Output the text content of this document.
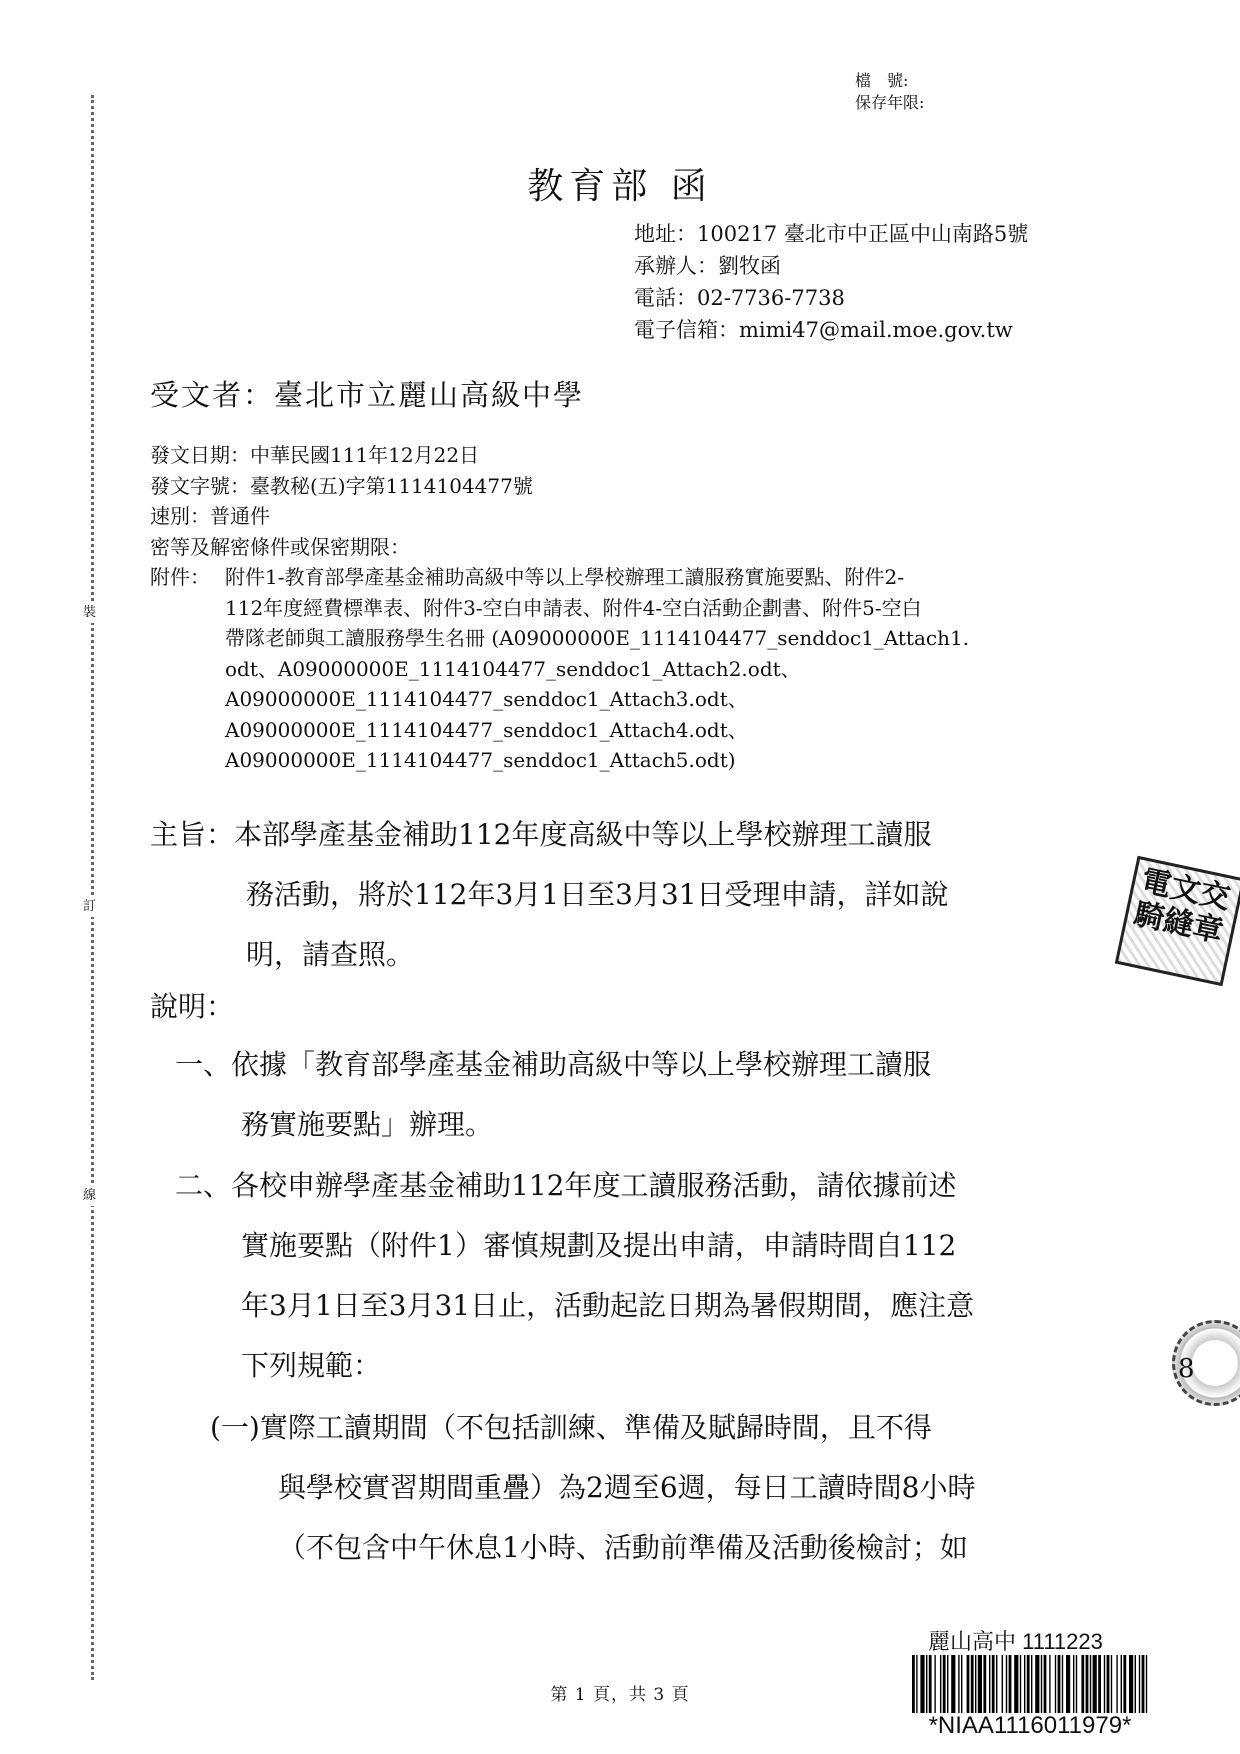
裝
訂
線
檔　號:
保存年限:
教育部 函
地址：100217 臺北市中正區中山南路5號
承辦人：劉牧函
電話：02-7736-7738
電子信箱：mimi47@mail.moe.gov.tw
受文者：臺北市立麗山高級中學
發文日期：中華民國111年12月22日
發文字號：臺教秘(五)字第1114104477號
速別：普通件
密等及解密條件或保密期限：
附件： 附件1-教育部學產基金補助高級中等以上學校辦理工讀服務實施要點、附件2-
112年度經費標準表、附件3-空白申請表、附件4-空白活動企劃書、附件5-空白
帶隊老師與工讀服務學生名冊 (A09000000E_1114104477_senddoc1_Attach1.
odt、A09000000E_1114104477_senddoc1_Attach2.odt、
A09000000E_1114104477_senddoc1_Attach3.odt、
A09000000E_1114104477_senddoc1_Attach4.odt、
A09000000E_1114104477_senddoc1_Attach5.odt)
主旨：本部學產基金補助112年度高級中等以上學校辦理工讀服
務活動，將於112年3月1日至3月31日受理申請，詳如說
明，請查照。
說明：
一、依據「教育部學產基金補助高級中等以上學校辦理工讀服
務實施要點」辦理。
二、各校申辦學產基金補助112年度工讀服務活動，請依據前述
實施要點（附件1）審慎規劃及提出申請，申請時間自112
年3月1日至3月31日止，活動起訖日期為暑假期間，應注意
下列規範：
(一)實際工讀期間（不包括訓練、準備及賦歸時間，且不得
與學校實習期間重疊）為2週至6週，每日工讀時間8小時
（不包含中午休息1小時、活動前準備及活動後檢討；如
電文交
騎縫章
8
第 1 頁，共 3 頁
麗山高中 1111223
*NIAA1116011979*
